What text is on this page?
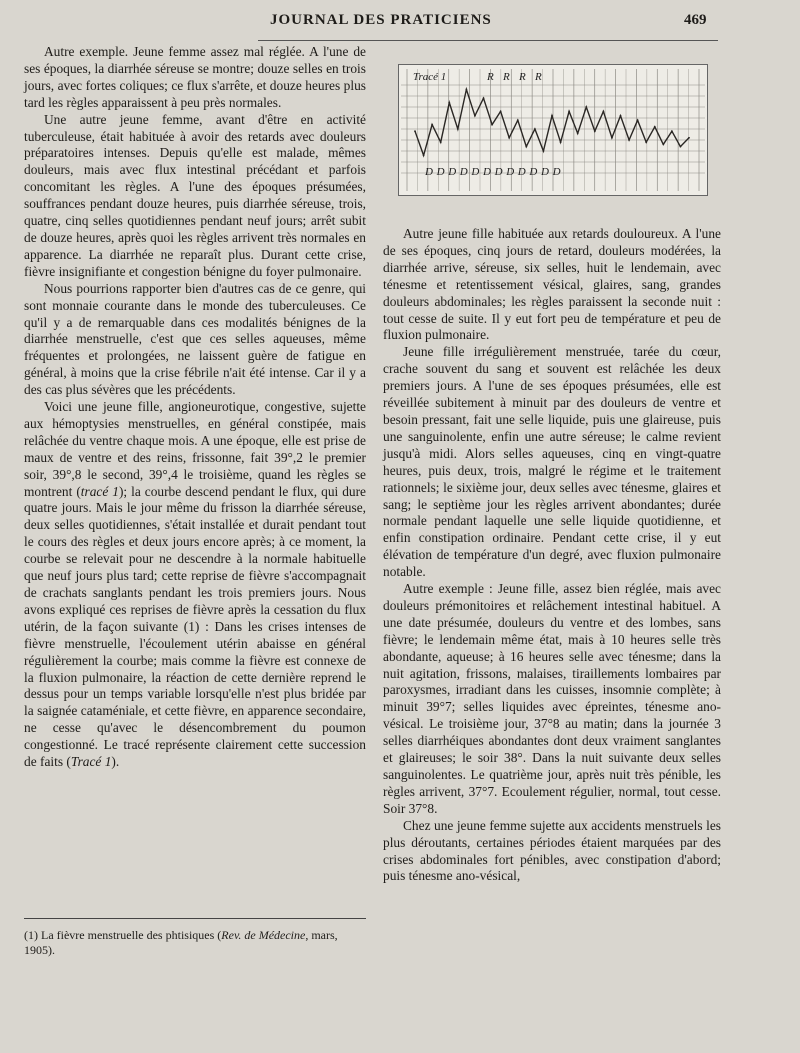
JOURNAL DES PRATICIENS	469

Autre exemple. Jeune femme assez mal réglée. A l'une de ses époques, la diarrhée séreuse se montre; douze selles en trois jours, avec fortes coliques; ce flux s'arrête, et douze heures plus tard les règles apparaissent à peu près normales.

Une autre jeune femme, avant d'être en activité tuberculeuse, était habituée à avoir des retards avec douleurs préparatoires intenses. Depuis qu'elle est malade, mêmes douleurs, mais avec flux intestinal précédant et parfois concomitant les règles. A l'une des époques présumées, souffrances pendant douze heures, puis diarrhée séreuse, trois, quatre, cinq selles quotidiennes pendant neuf jours; arrêt subit de douze heures, après quoi les règles arrivent très normales en apparence. La diarrhée ne reparaît plus. Durant cette crise, fièvre insignifiante et congestion bénigne du foyer pulmonaire.

Nous pourrions rapporter bien d'autres cas de ce genre, qui sont monnaie courante dans le monde des tuberculeuses. Ce qu'il y a de remarquable dans ces modalités bénignes de la diarrhée menstruelle, c'est que ces selles aqueuses, même fréquentes et prolongées, ne laissent guère de fatigue en général, à moins que la crise fébrile n'ait été intense. Car il y a des cas plus sévères que les précédents.

Voici une jeune fille, angioneurotique, congestive, sujette aux hémoptysies menstruelles, en général constipée, mais relâchée du ventre chaque mois. A une époque, elle est prise de maux de ventre et des reins, frissonne, fait 39°,2 le premier soir, 39°,8 le second, 39°,4 le troisième, quand les règles se montrent (tracé 1); la courbe descend pendant le flux, qui dure quatre jours. Mais le jour même du frisson la diarrhée séreuse, deux selles quotidiennes, s'était installée et durait pendant tout le cours des règles et deux jours encore après; à ce moment, la courbe se relevait pour ne descendre à la normale habituelle que neuf jours plus tard; cette reprise de fièvre s'accompagnait de crachats sanglants pendant les trois premiers jours. Nous avons expliqué ces reprises de fièvre après la cessation du flux utérin, de la façon suivante (1) : Dans les crises intenses de fièvre menstruelle, l'écoulement utérin abaisse en général régulièrement la courbe; mais comme la fièvre est connexe de la fluxion pulmonaire, la réaction de cette dernière reprend le dessus pour un temps variable lorsqu'elle n'est plus bridée par la saignée cataméniale, et cette fièvre, en apparence secondaire, ne cesse qu'avec le désencombrement du poumon congestionné. Le tracé représente clairement cette succession de faits (Tracé 1).

(1) La fièvre menstruelle des phtisiques (Rev. de Médecine, mars, 1905).
Tracé 1	R R R R
D D D D D D D D D D D D

Autre jeune fille habituée aux retards douloureux. A l'une de ses époques, cinq jours de retard, douleurs modérées, la diarrhée arrive, séreuse, six selles, huit le lendemain, avec ténesme et retentissement vésical, glaires, sang, grandes douleurs abdominales; les règles paraissent la seconde nuit : tout cesse de suite. Il y eut fort peu de température et peu de fluxion pulmonaire.

Jeune fille irrégulièrement menstruée, tarée du cœur, crache souvent du sang et souvent est relâchée les deux premiers jours. A l'une de ses époques présumées, elle est réveillée subitement à minuit par des douleurs de ventre et besoin pressant, fait une selle liquide, puis une glaireuse, puis une sanguinolente, enfin une autre séreuse; le calme revient jusqu'à midi. Alors selles aqueuses, cinq en vingt-quatre heures, puis deux, trois, malgré le régime et le traitement rationnels; le sixième jour, deux selles avec ténesme, glaires et sang; le septième jour les règles arrivent abondantes; durée normale pendant laquelle une selle liquide quotidienne, et enfin constipation ordinaire. Pendant cette crise, il y eut élévation de température d'un degré, avec fluxion pulmonaire notable.

Autre exemple : Jeune fille, assez bien réglée, mais avec douleurs prémonitoires et relâchement intestinal habituel. A une date présumée, douleurs du ventre et des lombes, sans fièvre; le lendemain même état, mais à 10 heures selle très abondante, aqueuse; à 16 heures selle avec ténesme; dans la nuit agitation, frissons, malaises, tiraillements lombaires par paroxysmes, irradiant dans les cuisses, insomnie complète; à minuit 39°7; selles liquides avec épreintes, ténesme ano-vésical. Le troisième jour, 37°8 au matin; dans la journée 3 selles diarrhéiques abondantes dont deux vraiment sanglantes et glaireuses; le soir 38°. Dans la nuit suivante deux selles sanguinolentes. Le quatrième jour, après nuit très pénible, les règles arrivent, 37°7. Ecoulement régulier, normal, tout cesse. Soir 37°8.

Chez une jeune femme sujette aux accidents menstruels les plus déroutants, certaines périodes étaient marquées par des crises abdominales fort pénibles, avec constipation d'abord; puis ténesme ano-vésical,
